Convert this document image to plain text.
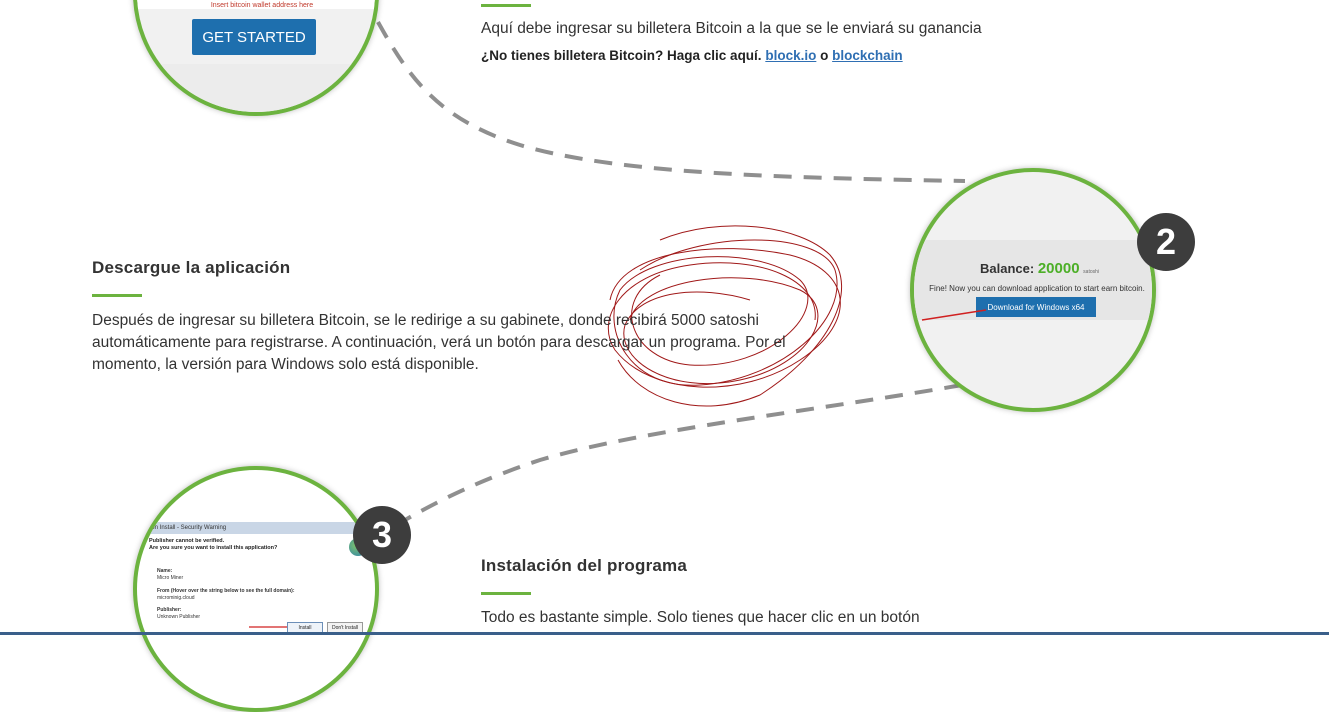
Insert bitcoin wallet address here
GET STARTED	Aquí debe ingresar su billetera Bitcoin a la que se le enviará su ganancia
¿No tienes billetera Bitcoin? Haga clic aquí. block.io o blockchain
Descargue la aplicación
Después de ingresar su billetera Bitcoin, se le redirige a su gabinete, donde recibirá 5000 satoshi automáticamente para registrarse. A continuación, verá un botón para descargar un programa. Por el momento, la versión para Windows solo está disponible.
Balance: 20000 satoshi
Fine! Now you can download application to start earn bitcoin.
Download for Windows x64
2
ation Install - Security Warning
Publisher cannot be verified.
Are you sure you want to install this application?
Name:
Micro Miner
From (Hover over the string below to see the full domain):
microminig.cloud
Publisher:
Unknown Publisher
Install	Don't Install
3
Instalación del programa
Todo es bastante simple. Solo tienes que hacer clic en un botón
